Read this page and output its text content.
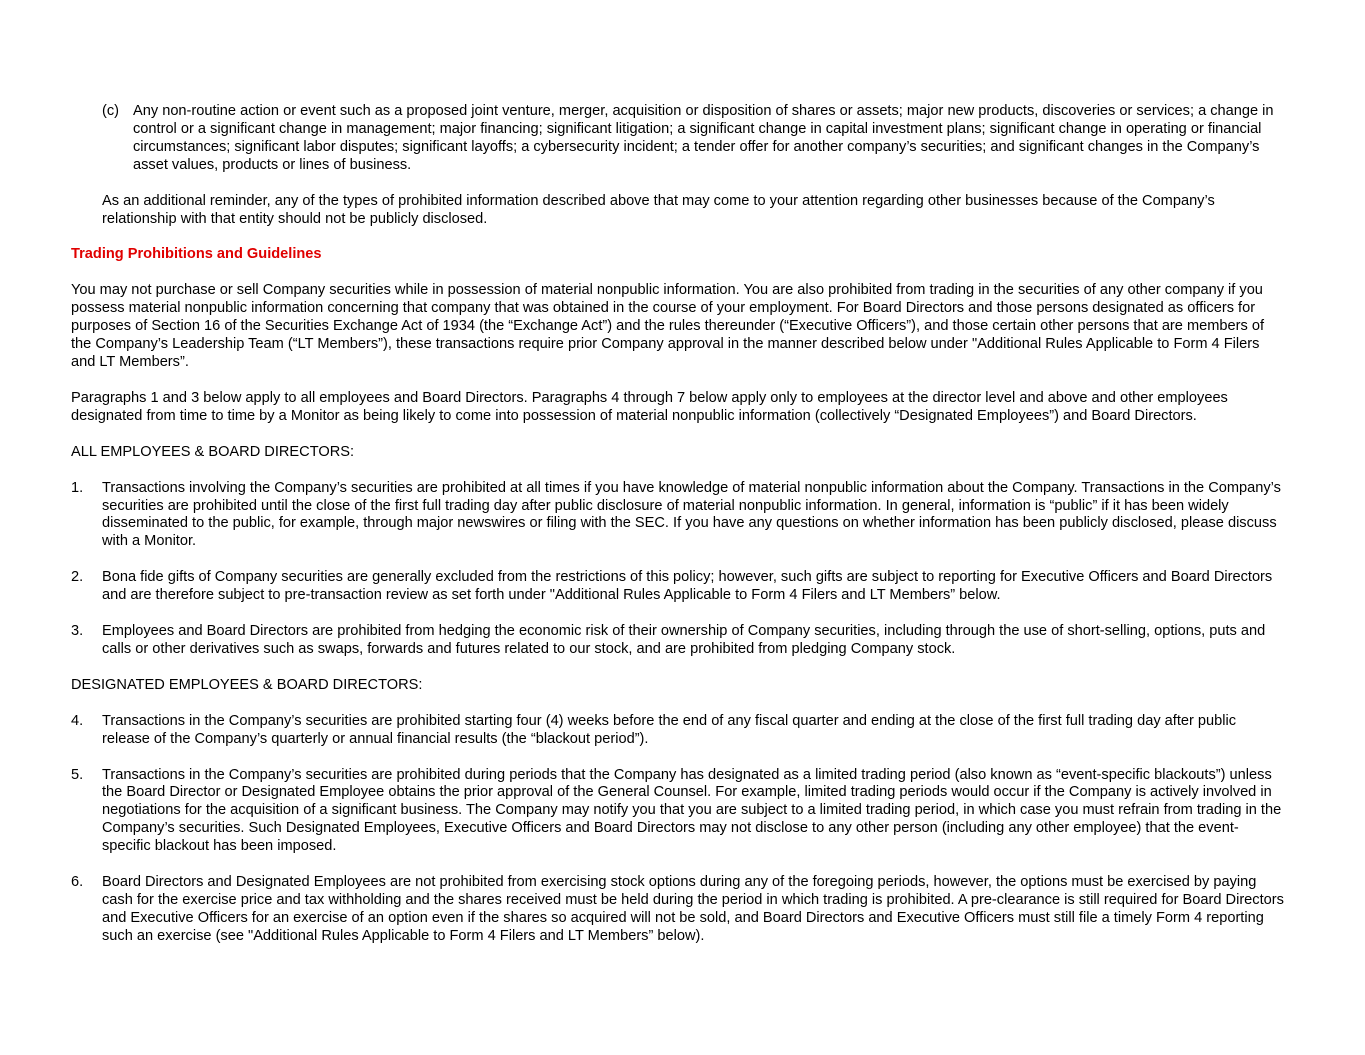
(c) Any non-routine action or event such as a proposed joint venture, merger, acquisition or disposition of shares or assets; major new products, discoveries or services; a change in control or a significant change in management; major financing; significant litigation; a significant change in capital investment plans; significant change in operating or financial circumstances; significant labor disputes; significant layoffs; a cybersecurity incident; a tender offer for another company’s securities; and significant changes in the Company’s asset values, products or lines of business.

As an additional reminder, any of the types of prohibited information described above that may come to your attention regarding other businesses because of the Company’s relationship with that entity should not be publicly disclosed.

Trading Prohibitions and Guidelines

You may not purchase or sell Company securities while in possession of material nonpublic information. You are also prohibited from trading in the securities of any other company if you possess material nonpublic information concerning that company that was obtained in the course of your employment. For Board Directors and those persons designated as officers for purposes of Section 16 of the Securities Exchange Act of 1934 (the “Exchange Act”) and the rules thereunder (“Executive Officers”), and those certain other persons that are members of the Company’s Leadership Team (“LT Members”), these transactions require prior Company approval in the manner described below under "Additional Rules Applicable to Form 4 Filers and LT Members”.

Paragraphs 1 and 3 below apply to all employees and Board Directors. Paragraphs 4 through 7 below apply only to employees at the director level and above and other employees designated from time to time by a Monitor as being likely to come into possession of material nonpublic information (collectively “Designated Employees”) and Board Directors.

ALL EMPLOYEES & BOARD DIRECTORS:

1. Transactions involving the Company’s securities are prohibited at all times if you have knowledge of material nonpublic information about the Company. Transactions in the Company’s securities are prohibited until the close of the first full trading day after public disclosure of material nonpublic information. In general, information is “public” if it has been widely disseminated to the public, for example, through major newswires or filing with the SEC. If you have any questions on whether information has been publicly disclosed, please discuss with a Monitor.

2. Bona fide gifts of Company securities are generally excluded from the restrictions of this policy; however, such gifts are subject to reporting for Executive Officers and Board Directors and are therefore subject to pre-transaction review as set forth under "Additional Rules Applicable to Form 4 Filers and LT Members” below.

3. Employees and Board Directors are prohibited from hedging the economic risk of their ownership of Company securities, including through the use of short-selling, options, puts and calls or other derivatives such as swaps, forwards and futures related to our stock, and are prohibited from pledging Company stock.

DESIGNATED EMPLOYEES & BOARD DIRECTORS:

4. Transactions in the Company’s securities are prohibited starting four (4) weeks before the end of any fiscal quarter and ending at the close of the first full trading day after public release of the Company’s quarterly or annual financial results (the “blackout period”).

5. Transactions in the Company’s securities are prohibited during periods that the Company has designated as a limited trading period (also known as “event-specific blackouts”) unless the Board Director or Designated Employee obtains the prior approval of the General Counsel. For example, limited trading periods would occur if the Company is actively involved in negotiations for the acquisition of a significant business. The Company may notify you that you are subject to a limited trading period, in which case you must refrain from trading in the Company’s securities. Such Designated Employees, Executive Officers and Board Directors may not disclose to any other person (including any other employee) that the event-specific blackout has been imposed.

6. Board Directors and Designated Employees are not prohibited from exercising stock options during any of the foregoing periods, however, the options must be exercised by paying cash for the exercise price and tax withholding and the shares received must be held during the period in which trading is prohibited. A pre-clearance is still required for Board Directors and Executive Officers for an exercise of an option even if the shares so acquired will not be sold, and Board Directors and Executive Officers must still file a timely Form 4 reporting such an exercise (see "Additional Rules Applicable to Form 4 Filers and LT Members” below).
